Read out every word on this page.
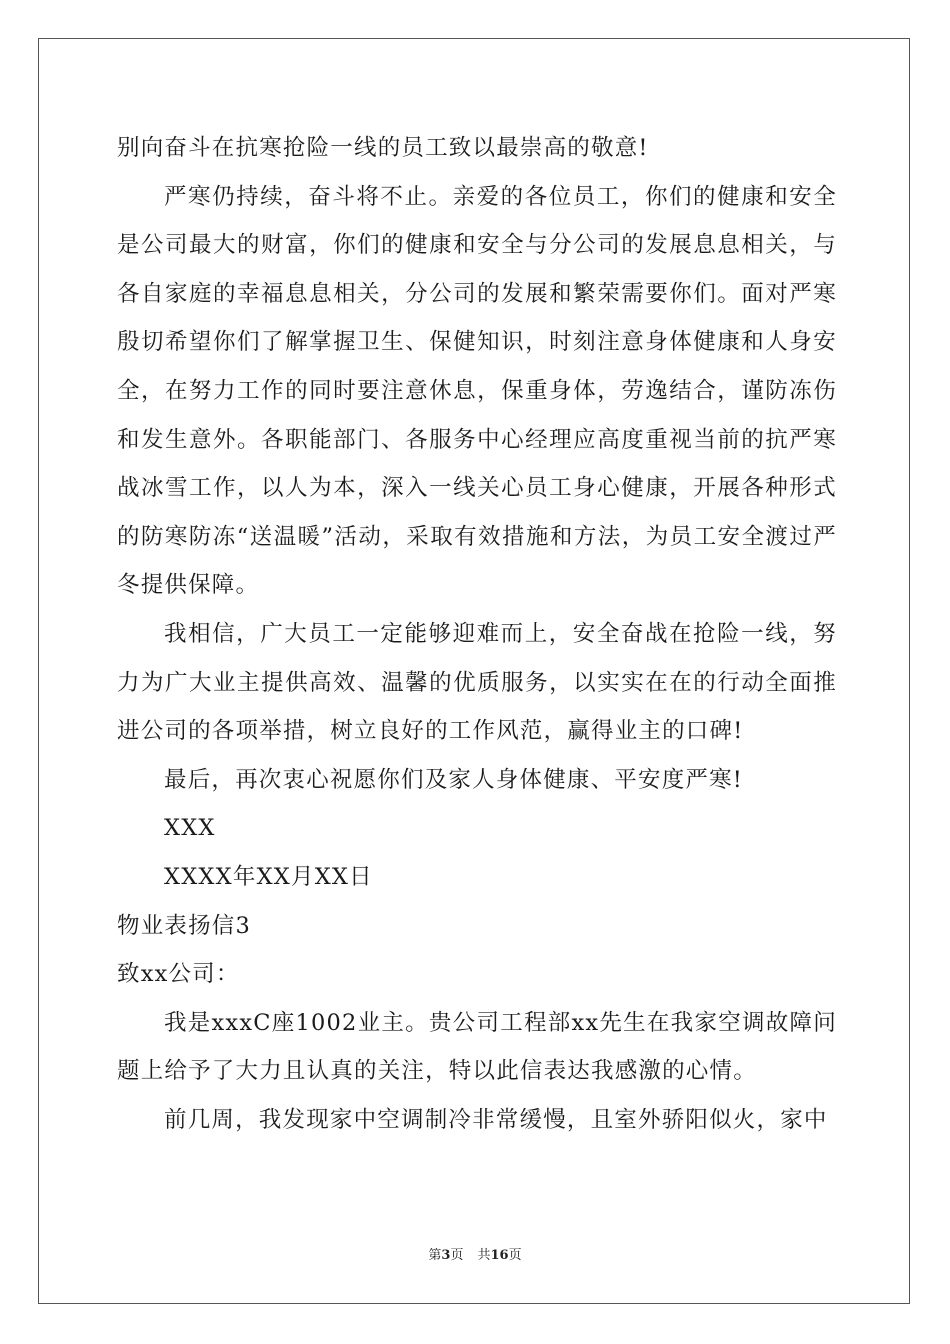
别向奋斗在抗寒抢险一线的员工致以最崇高的敬意!

严寒仍持续，奋斗将不止。亲爱的各位员工，你们的健康和安全是公司最大的财富，你们的健康和安全与分公司的发展息息相关，与各自家庭的幸福息息相关，分公司的发展和繁荣需要你们。面对严寒殷切希望你们了解掌握卫生、保健知识，时刻注意身体健康和人身安全，在努力工作的同时要注意休息，保重身体，劳逸结合，谨防冻伤和发生意外。各职能部门、各服务中心经理应高度重视当前的抗严寒战冰雪工作，以人为本，深入一线关心员工身心健康，开展各种形式的防寒防冻“送温暖”活动，采取有效措施和方法，为员工安全渡过严冬提供保障。

我相信，广大员工一定能够迎难而上，安全奋战在抢险一线，努力为广大业主提供高效、温馨的优质服务，以实实在在的行动全面推进公司的各项举措，树立良好的工作风范，赢得业主的口碑!

最后，再次衷心祝愿你们及家人身体健康、平安度严寒!

XXX

XXXX年XX月XX日

物业表扬信3

致xx公司：

我是xxxC座1002业主。贵公司工程部xx先生在我家空调故障问题上给予了大力且认真的关注，特以此信表达我感激的心情。

前几周，我发现家中空调制冷非常缓慢，且室外骄阳似火，家中

第3页 共16页
